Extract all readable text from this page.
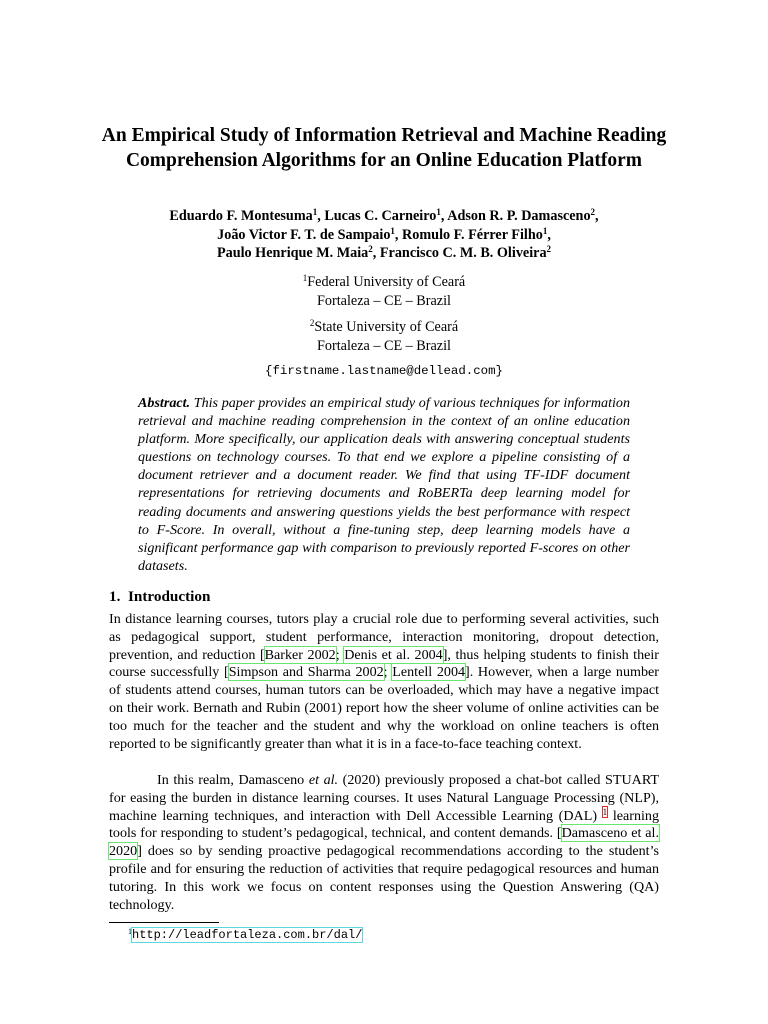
An Empirical Study of Information Retrieval and Machine Reading Comprehension Algorithms for an Online Education Platform
Eduardo F. Montesuma$^1$, Lucas C. Carneiro$^1$, Adson R. P. Damasceno$^2$,
João Victor F. T. de Sampaio$^1$, Romulo F. Férrer Filho$^1$,
Paulo Henrique M. Maia$^2$, Francisco C. M. B. Oliveira$^2$
$^1$Federal University of Ceará
Fortaleza – CE – Brazil
$^2$State University of Ceará
Fortaleza – CE – Brazil
{firstname.lastname@dellead.com}
Abstract. This paper provides an empirical study of various techniques for information retrieval and machine reading comprehension in the context of an online education platform. More specifically, our application deals with answering conceptual students questions on technology courses. To that end we explore a pipeline consisting of a document retriever and a document reader. We find that using TF-IDF document representations for retrieving documents and RoBERTa deep learning model for reading documents and answering questions yields the best performance with respect to F-Score. In overall, without a fine-tuning step, deep learning models have a significant performance gap with comparison to previously reported F-scores on other datasets.
1. Introduction
In distance learning courses, tutors play a crucial role due to performing several activities, such as pedagogical support, student performance, interaction monitoring, dropout detection, prevention, and reduction [Barker 2002; Denis et al. 2004], thus helping students to finish their course successfully [Simpson and Sharma 2002; Lentell 2004]. However, when a large number of students attend courses, human tutors can be overloaded, which may have a negative impact on their work. Bernath and Rubin (2001) report how the sheer volume of online activities can be too much for the teacher and the student and why the workload on online teachers is often reported to be significantly greater than what it is in a face-to-face teaching context.
In this realm, Damasceno et al. (2020) previously proposed a chat-bot called STUART for easing the burden in distance learning courses. It uses Natural Language Processing (NLP), machine learning techniques, and interaction with Dell Accessible Learning (DAL) $^1$ learning tools for responding to student’s pedagogical, technical, and content demands. [Damasceno et al. 2020] does so by sending proactive pedagogical recommendations according to the student’s profile and for ensuring the reduction of activities that require pedagogical resources and human tutoring. In this work we focus on content responses using the Question Answering (QA) technology.
$^1$http://leadfortaleza.com.br/dal/
